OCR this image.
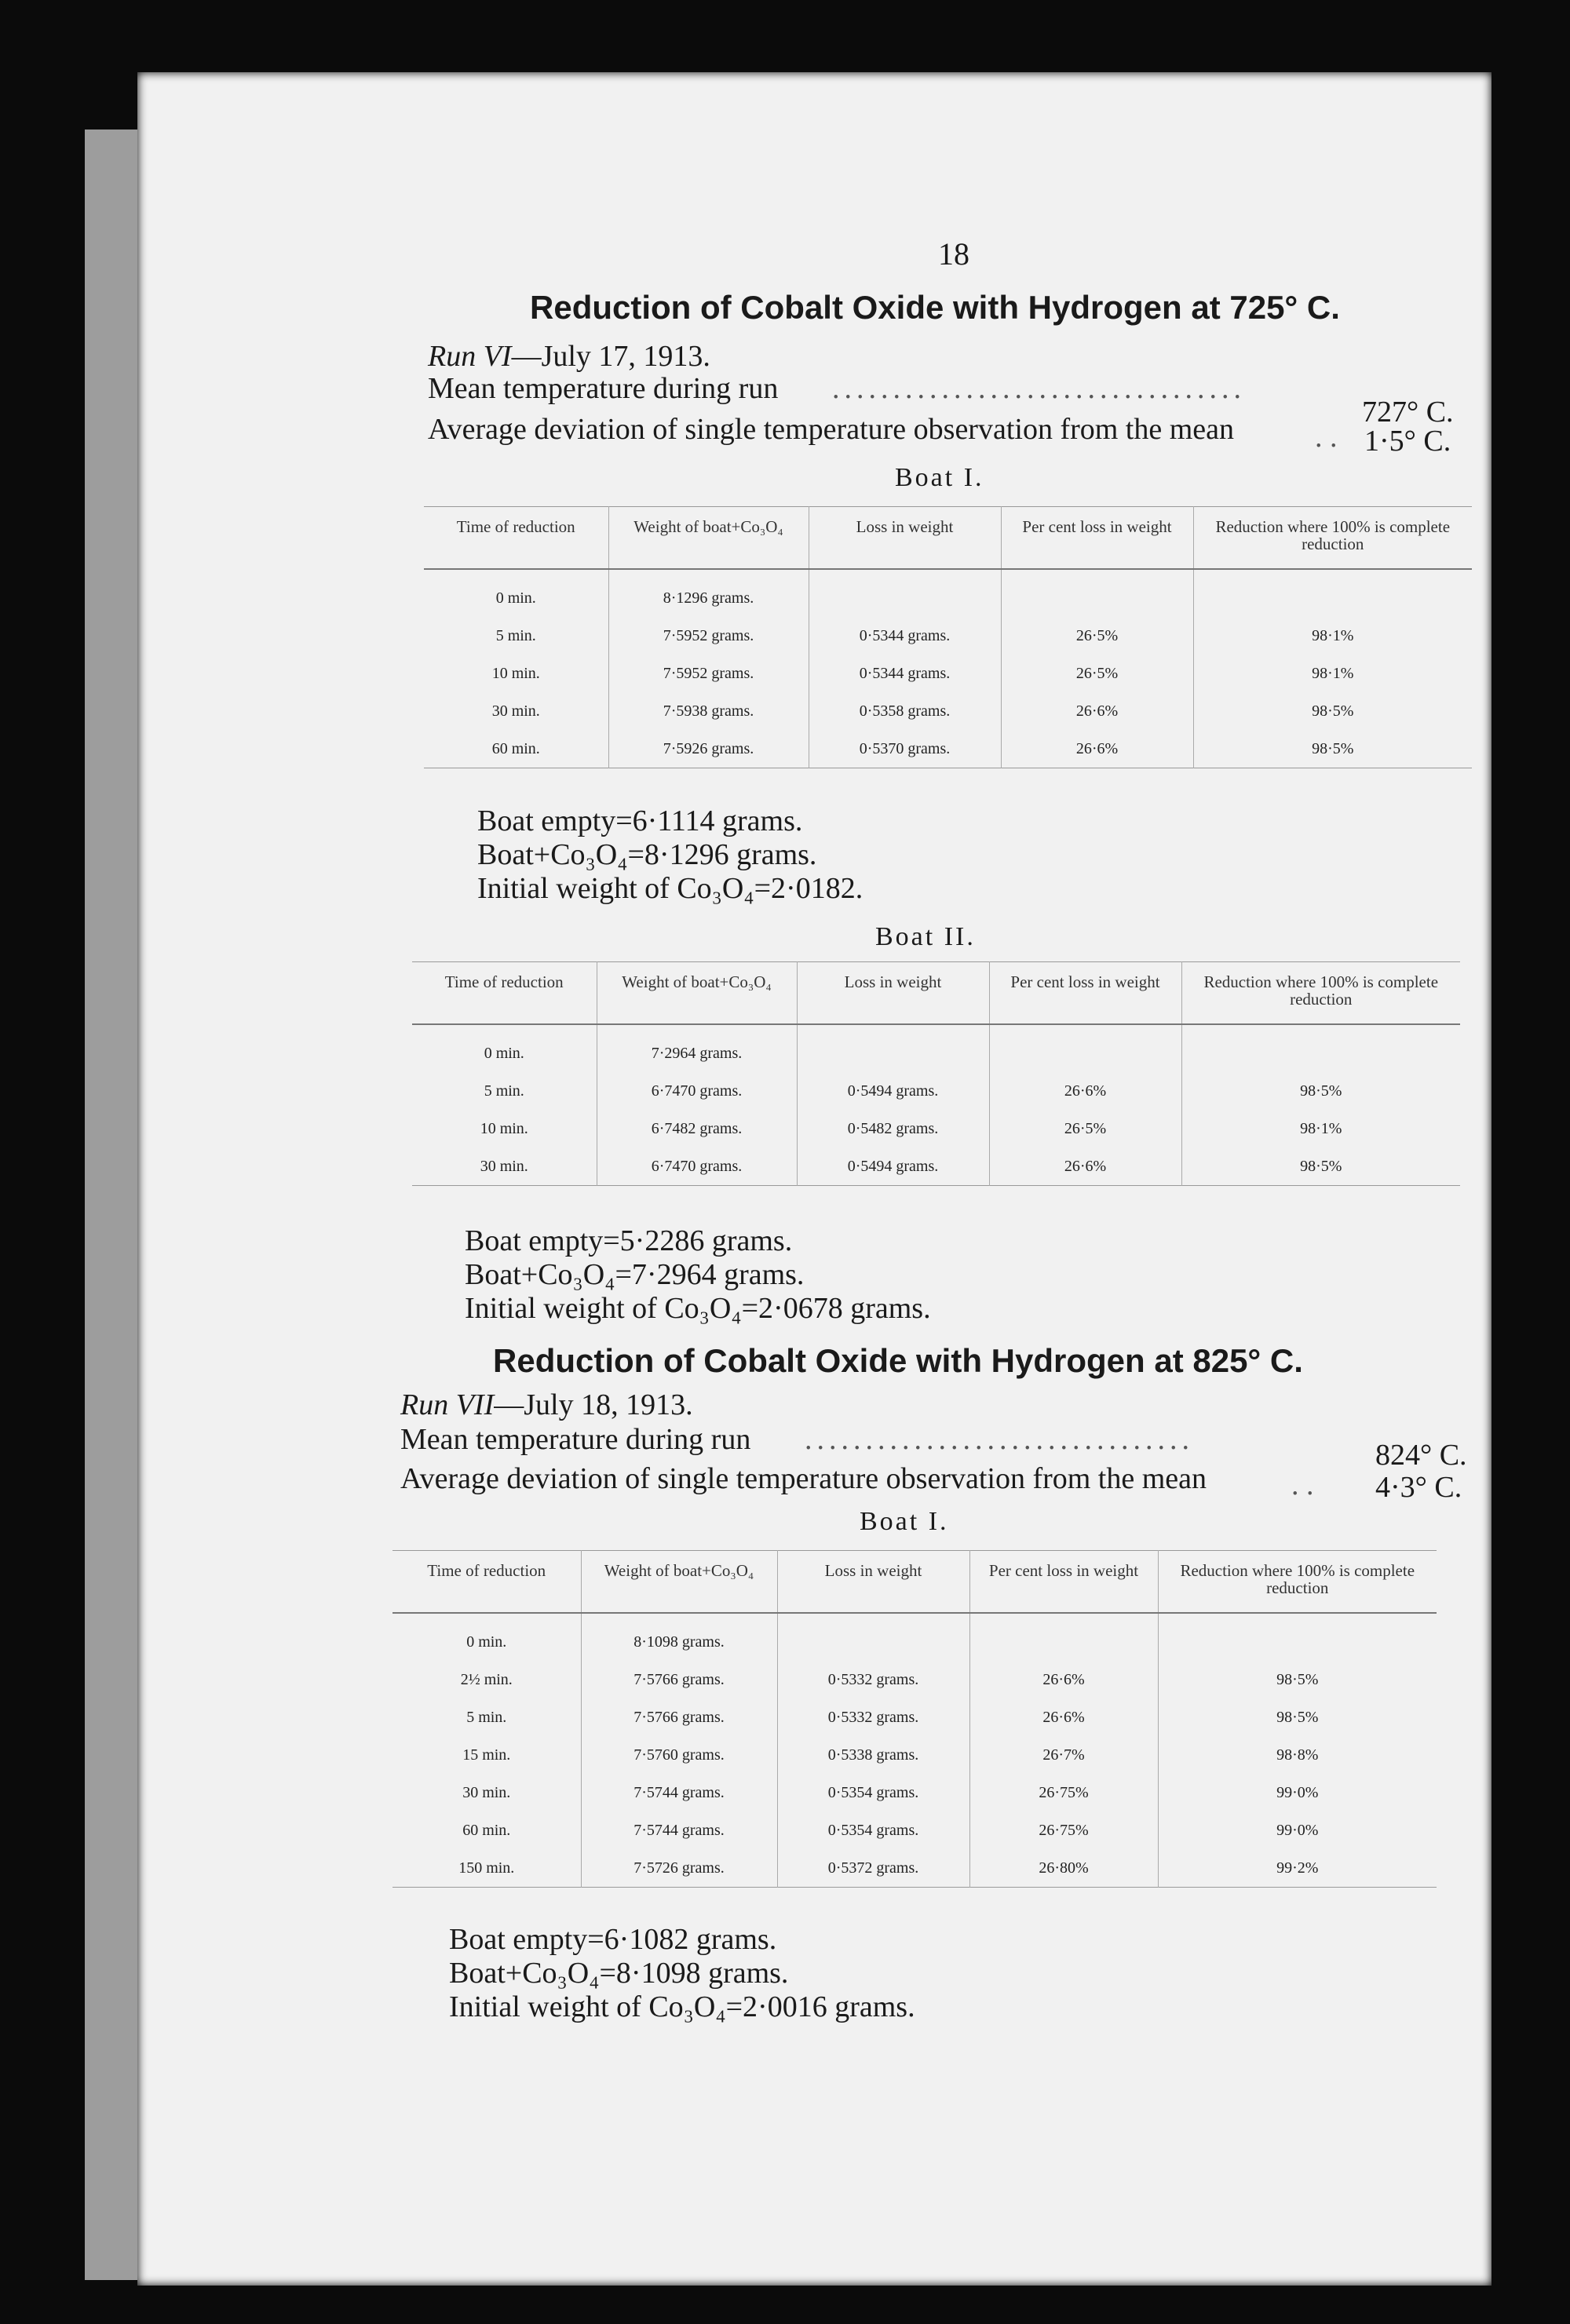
18
Reduction of Cobalt Oxide with Hydrogen at 725° C.
Run VI—July 17, 1913.
Mean temperature during run ..................................
727° C.
Average deviation of single temperature observation from the mean	. . 1·5° C.
Boat I.
Time of reduction	Weight of boat+Co₃O₄	Loss in weight	Per cent loss in weight	Reduction where 100% is complete reduction
0 min.	8·1296 grams.			
5 min.	7·5952 grams.	0·5344 grams.	26·5%	98·1%
10 min.	7·5952 grams.	0·5344 grams.	26·5%	98·1%
30 min.	7·5938 grams.	0·5358 grams.	26·6%	98·5%
60 min.	7·5926 grams.	0·5370 grams.	26·6%	98·5%
Boat empty=6·1114 grams.
Boat+Co₃O₄=8·1296 grams.
Initial weight of Co₃O₄=2·0182.
Boat II.
Time of reduction	Weight of boat+Co₃O₄	Loss in weight	Per cent loss in weight	Reduction where 100% is complete reduction
0 min.	7·2964 grams.			
5 min.	6·7470 grams.	0·5494 grams.	26·6%	98·5%
10 min.	6·7482 grams.	0·5482 grams.	26·5%	98·1%
30 min.	6·7470 grams.	0·5494 grams.	26·6%	98·5%
Boat empty=5·2286 grams.
Boat+Co₃O₄=7·2964 grams.
Initial weight of Co₃O₄=2·0678 grams.
Reduction of Cobalt Oxide with Hydrogen at 825° C.
Run VII—July 18, 1913.
Mean temperature during run ................................	824° C.
Average deviation of single temperature observation from the mean	. . 4·3° C.
Boat I.
Time of reduction	Weight of boat+Co₃O₄	Loss in weight	Per cent loss in weight	Reduction where 100% is complete reduction
0 min.	8·1098 grams.			
2½ min.	7·5766 grams.	0·5332 grams.	26·6%	98·5%
5 min.	7·5766 grams.	0·5332 grams.	26·6%	98·5%
15 min.	7·5760 grams.	0·5338 grams.	26·7%	98·8%
30 min.	7·5744 grams.	0·5354 grams.	26·75%	99·0%
60 min.	7·5744 grams.	0·5354 grams.	26·75%	99·0%
150 min.	7·5726 grams.	0·5372 grams.	26·80%	99·2%
Boat empty=6·1082 grams.
Boat+Co₃O₄=8·1098 grams.
Initial weight of Co₃O₄=2·0016 grams.
